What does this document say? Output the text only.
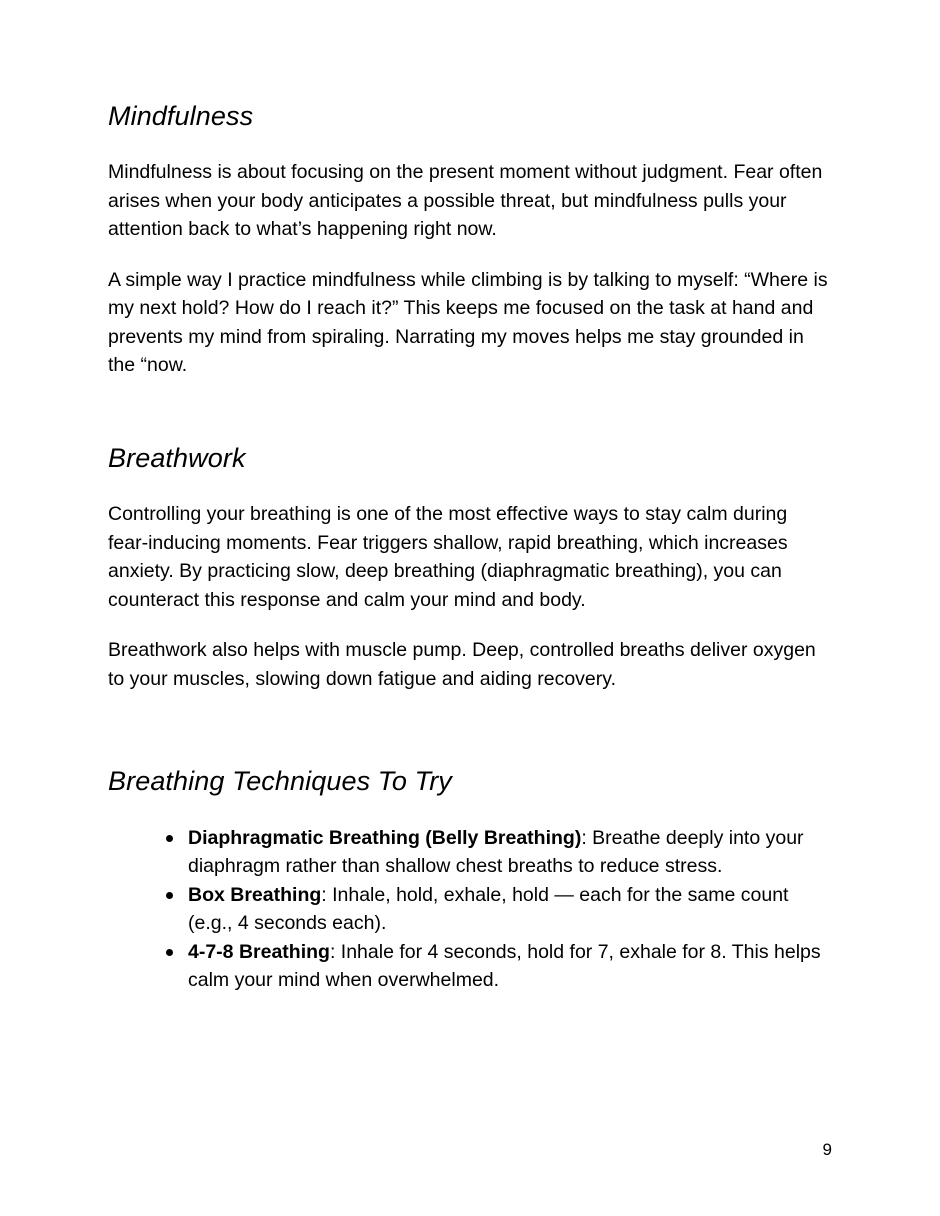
Mindfulness

Mindfulness is about focusing on the present moment without judgment. Fear often arises when your body anticipates a possible threat, but mindfulness pulls your attention back to what’s happening right now.

A simple way I practice mindfulness while climbing is by talking to myself: “Where is my next hold? How do I reach it?” This keeps me focused on the task at hand and prevents my mind from spiraling. Narrating my moves helps me stay grounded in the “now.

Breathwork

Controlling your breathing is one of the most effective ways to stay calm during fear-inducing moments. Fear triggers shallow, rapid breathing, which increases anxiety. By practicing slow, deep breathing (diaphragmatic breathing), you can counteract this response and calm your mind and body.

Breathwork also helps with muscle pump. Deep, controlled breaths deliver oxygen to your muscles, slowing down fatigue and aiding recovery.

Breathing Techniques To Try
Diaphragmatic Breathing (Belly Breathing): Breathe deeply into your diaphragm rather than shallow chest breaths to reduce stress.
Box Breathing: Inhale, hold, exhale, hold — each for the same count (e.g., 4 seconds each).
4-7-8 Breathing: Inhale for 4 seconds, hold for 7, exhale for 8. This helps calm your mind when overwhelmed.
9
